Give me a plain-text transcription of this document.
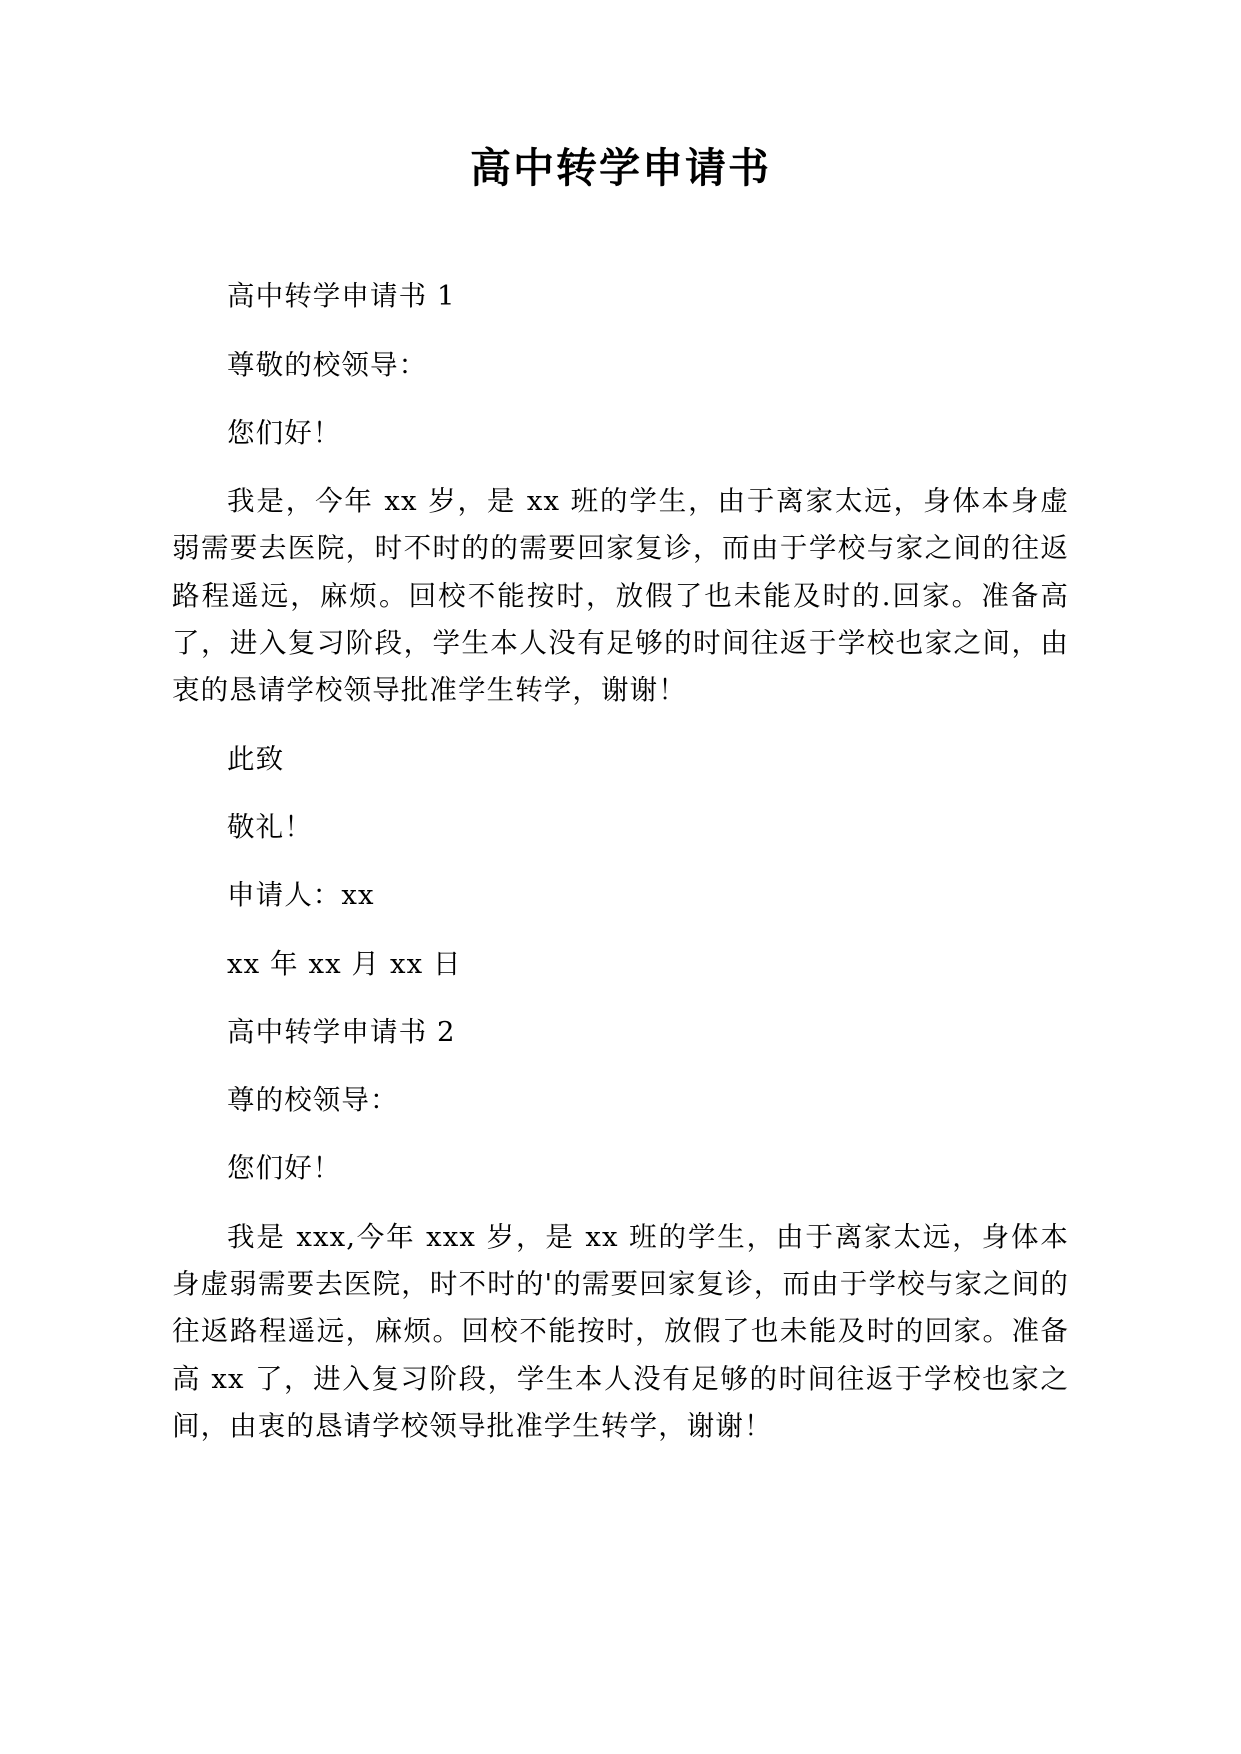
高中转学申请书

高中转学申请书 1

尊敬的校领导：

您们好！

我是，今年 xx 岁，是 xx 班的学生，由于离家太远，身体本身虚弱需要去医院，时不时的的需要回家复诊，而由于学校与家之间的往返路程遥远，麻烦。回校不能按时，放假了也未能及时的.回家。准备高了，进入复习阶段，学生本人没有足够的时间往返于学校也家之间，由衷的恳请学校领导批准学生转学，谢谢！

此致

敬礼！

申请人：xx

xx 年 xx 月 xx 日

高中转学申请书 2

尊的校领导：

您们好！

我是 xxx,今年 xxx 岁，是 xx 班的学生，由于离家太远，身体本身虚弱需要去医院，时不时的'的需要回家复诊，而由于学校与家之间的往返路程遥远，麻烦。回校不能按时，放假了也未能及时的回家。准备高 xx 了，进入复习阶段，学生本人没有足够的时间往返于学校也家之间，由衷的恳请学校领导批准学生转学，谢谢！
